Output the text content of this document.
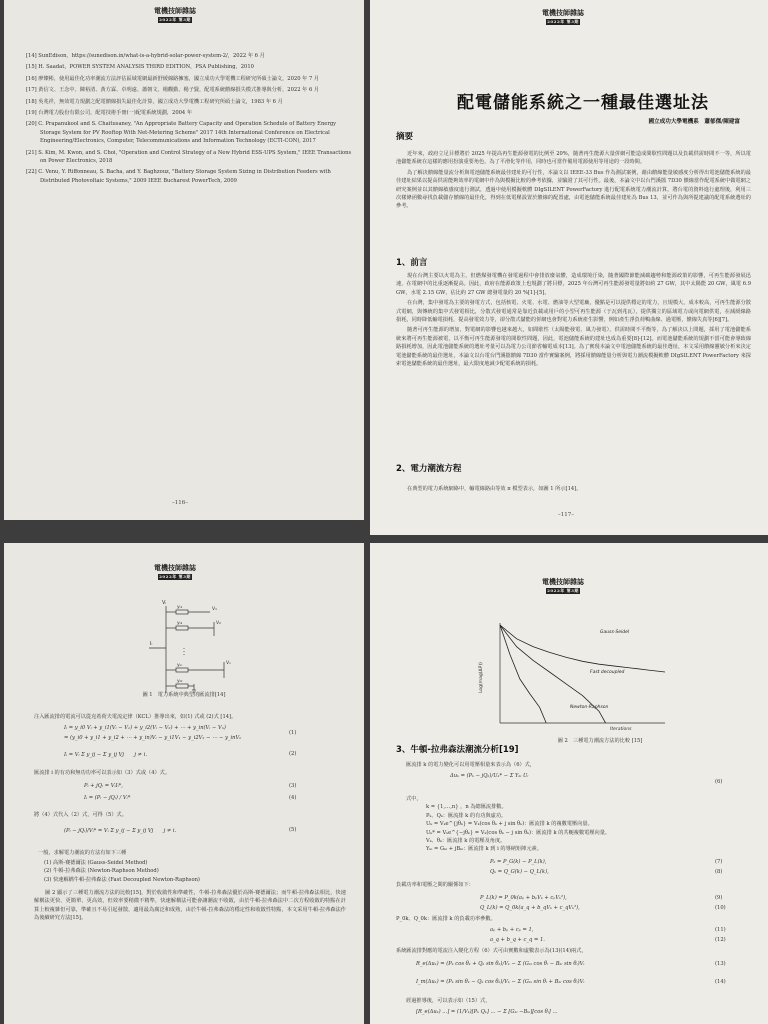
電機技師雜誌
2022年 第3期
[14] SunEdison，https://sunedison.in/what-is-a-hybrid-solar-power-system-2/，2022 年 6 月
[15] H. Saadat，POWER SYSTEM ANALYSIS THIRD EDITION，PSA Publishing，2010
[16] 廖燦彬，使用最佳化功率潮流方法評估區域電網最新舒緩線路擁塞，國立成功大學電機工程研究所碩士論文，2020 年 7 月
[17] 黃信文、王念中、陳裕清、黃方霖、卓明遠、蕭朝文、楊觀勤、楊子賢，配電系統饋線損失模式推導與分析，2022 年 6 月
[18] 吳兆祥，無效電力規劃之配電饋線損失最佳化計算，國立成功大學電機工程研究所碩士論文，1983 年 6 月
[19] 台灣電力股份有限公司，配電技術手冊(一)配電系統規劃，2004 年
[20] C. Prapanukool and S. Chaitusaney, "An Appropriate Battery Capacity and Operation Schedule of Battery Energy Storage System for PV Rooftop With Net-Metering Scheme" 2017 14th International Conference on Electrical Engineering/Electronics, Computer, Telecommunications and Information Technology (ECTI-CON), 2017
[21] S. Kim, M. Kwon, and S. Choi, "Operation and Control Strategy of a New Hybrid ESS-UPS System," IEEE Transactions on Power Electronics, 2018
[22] C. Venu, Y. Riffonneau, S. Bacha, and Y. Baghzouz, "Battery Storage System Sizing in Distribution Feeders with Distributed Photovoltaic Systems," 2009 IEEE Bucharest PowerTech, 2009
–116–
電機技師雜誌
2022年 第3期
配電儲能系統之一種最佳選址法
國立成功大學電機系　蕭郁傑/陳建富
摘要

近年來，政府立足目標將於 2025 年提高再生能源發電的比例至 20%，隨著再生能源大量併網可能造成間歇性問題以及負載供需時間不一等，所以電池儲能系統在這樣的應用扮演重要角色。為了平滑化等作用，同時也可當作備用電源使用等用途的一段時間。

為了解決饋線能量流分析與電池儲能系統最佳建址的可行性，本論文以 IEEE-33 Bus 作為測試案例，藉由饋線能量敏感度分析得出電池儲能系統的最佳建址結果以提高供需能夠效率的電網中作為與模擬比較的參考依據，並驗證了其可行性。最後，本論文中以台門溪擋 7D30 饋線當作配電系統中做電網之研究案例並以其饋線敏感度進行測試，透過中使用模擬軟體 DIgSILENT PowerFactory 進行配電系統電力潮流計算，將台電的資料進行處理後，利用三次樣條函數尋找負載儲存饋線的最佳化，得到在低電壓設置於饋線的配置處，由電池儲能系統最佳建址為 Bus 13，並可作為與所提建議的配電系統選址的參考。

1、前言

現在台灣主要以火電為主，但燃煤發電機在發電過程中會排放廢氣體，造成環境汙染，隨著國際節能減碳趨勢和能源政策的影響，可再生能源發展迅速，在電網中的比重逐漸提高。因此，政府在能源政策上也規劃了將目標，2025 年台灣可再生能源發電量將如約 27 GW，其中太陽能 20 GW，風電 6.9 GW，水電 2.15 GW，佔比約 27 GW 總發電量的 20 %[1]-[5]。

在台灣，集中發電為主要的發電方式，包括核電、火電、水電、燃油等大型電廠，優點是可以提供穩定的電力，且規模大，成本較高，可再生能源分散式電網，與傳統的集中式發電相比，分散式發電通常是靠近負載或用戶的小型可再生能源（于瓦到兆瓦），提供獨立的區域電力或向電網供電，在減緩線路損耗，同時降低輸電損耗，提高發電效力等，卻分散式儲能的併網也會對電力系統產生影響，例如產生淨負荷鴨曲線、過電壓，饋線失真等[6][7]。

隨著可再生能源的增加，對電網的影響也越來越大，如間歇性（太陽能發電、風力發電），供需時間不平衡等，為了解決以上問題，採用了電池儲能系統來將可再生能源被電，以平衡可再生能源發電的間歇性問題，因此，電池儲能系統的建址也成為重要[8]-[12]。而電池儲能系統的規劃不當可能會導致線路損耗增加，因此電池儲能系統的選址考量可以為電力公司節省輸電成本[13]。為了實現本論文中電池儲能系統的最佳選址，本文采用饋線靈敏分析來決定電池儲能系統的最佳選址，本論文以台電台門溪擋饋線 7D30 當作實驗案例，將採用饋線能量分析與電力潮流模擬軟體 DIgSILENT PowerFactory 來探索電池儲能系統的最佳選址，最大限度地減少配電系統的損耗。

2、電力潮流方程

在典型的電力系統網絡中，輸電線路由等效 π 模型表示，如圖 1 所示[14]。

–117–
電機技師雜誌
2022年 第3期
Vᵢ
Iᵢ
yᵢ₁	V₁
yᵢ₂	V₂
yᵢₙ	Vₙ
yᵢ₀
圖 1　電力系統中典型的匯流排[14]
注入匯流排的電流可以從克希荷夫電流定律（KCL）推導出來，如(1) 式或 (2)式 [14]。
Iᵢ = y_i0 Vᵢ + y_i1(Vᵢ − V₁) + y_i2(Vᵢ − V₂) + ⋯ + y_in(Vᵢ − Vₙ)
= (y_i0 + y_i1 + y_i2 + ⋯ + y_in)Vᵢ − y_i1V₁ − y_i2V₂ − ⋯ − y_inVₙ
(1)
Iᵢ = Vᵢ Σ y_ij − Σ y_ij Vj　　j ≠ i.	(2)
匯流排 i 的有功和無功功率可以表示如（3）式或（4）式。
Pᵢ + jQᵢ = VᵢIᵢ*,	(3)
Iᵢ = (Pᵢ − jQᵢ) / Vᵢ*	(4)
將（4）式代入（2）式，可得（5）式。
(Pᵢ − jQᵢ)/Vᵢ* = Vᵢ Σ y_ij − Σ y_ij Vj　　j ≠ i.	(5)
一般，求解電力潮流的方法有如下三種
(1) 高斯-賽德爾法 (Gauss-Seidel Method)
(2) 牛頓-拉弗森法 (Newton-Raphson Method)
(3) 快速解耦牛頓-拉弗森法 (Fast Decoupled Newton-Raphson)

圖 2 顯示了三種電力潮流方法的比較[15]，對於收斂性和準確性，牛頓-拉弗森法優於高斯-賽德爾法；而牛頓-拉弗森法相比，快速解耦法更快、更簡單、更高效，但效率要稍微不精準，快速解耦法可能會讓潮流不收斂，由於牛頓-拉弗森法中二次方程收斂的特點在計算上較複雜但可靠，準確且不易引起發散，適用最為廣泛和成熟，由於牛頓-拉弗森法的穩定性和收斂性特點，本文采用牛頓-拉弗森法作為後續研究方法[15]。

電機技師雜誌
2022年 第3期
Log(mag(ΔP))
Iterations
Gauss-Seidel
Fast decoupled
Newton-Raphson
圖 2　三種電力潮流方法的比較 [15]
3、牛頓-拉弗森法潮流分析[19]
匯流排 k 的電力變化可以用電壓相量來表示為（6）式，
Δuₖ = (Pₖ − jQₖ)/Uₖ* − Σ Yₖᵢ Uᵢ
(6)
式中，
k = {1,…,n} ，n 為總匯流排數。
Pₖ、Qₖ：匯流排 k 的有功與虛功。
Uₖ = Vₖe^{jθₖ} = Vₖ(cos θₖ + j sin θₖ)：匯流排 k 的複數電壓向量。
Uₖ* = Vₖe^{−jθₖ} = Vₖ(cos θₖ − j sin θₖ)：匯流排 k 的共軛複數電壓向量。
Vₖ、θₖ：匯流排 k 的電壓及角度。
Yₖᵢ = Gₖᵢ + jBₖᵢ：匯流排 k 到 i 的導納矩陣元素。
Pₖ = P_G(k) − P_L(k),	(7)
Qₖ = Q_G(k) − Q_L(k),	(8)
負載功率和電壓之間的關係如下：
P_L(k) = P_0k(aₚ + bₚVₖ + cₚVₖ²),	(9)
Q_L(k) = Q_0k(a_q + b_qVₖ + c_qVₖ²),	(10)
P_0k、Q_0k：匯流排 k 的負載功率參數。
aₚ + bₚ + cₚ = 1,	(11)
a_q + b_q + c_q = 1.	(12)
系統匯流排對應的電流注入變化方程（6）式可由實數和虛數表示為(13)(14)兩式，
R_e(Δuₖ) = (Pₖ cos θₖ + Qₖ sin θₖ)/Vₖ − Σ (Gₖᵢ cos θᵢ − Bₖᵢ sin θᵢ)Vᵢ	(13)
I_m(Δuₖ) = (Pₖ sin θₖ − Qₖ cos θₖ)/Vₖ − Σ (Gₖᵢ sin θᵢ + Bₖᵢ cos θᵢ)Vᵢ	(14)
經過推導後，可以表示如（15）式，
[R_e(Δuₖ) ...] = (1/Vₖ)[Pₖ Qₖ] ... − Σ [Gₖᵢ −Bₖᵢ][cos θᵢ] ...
